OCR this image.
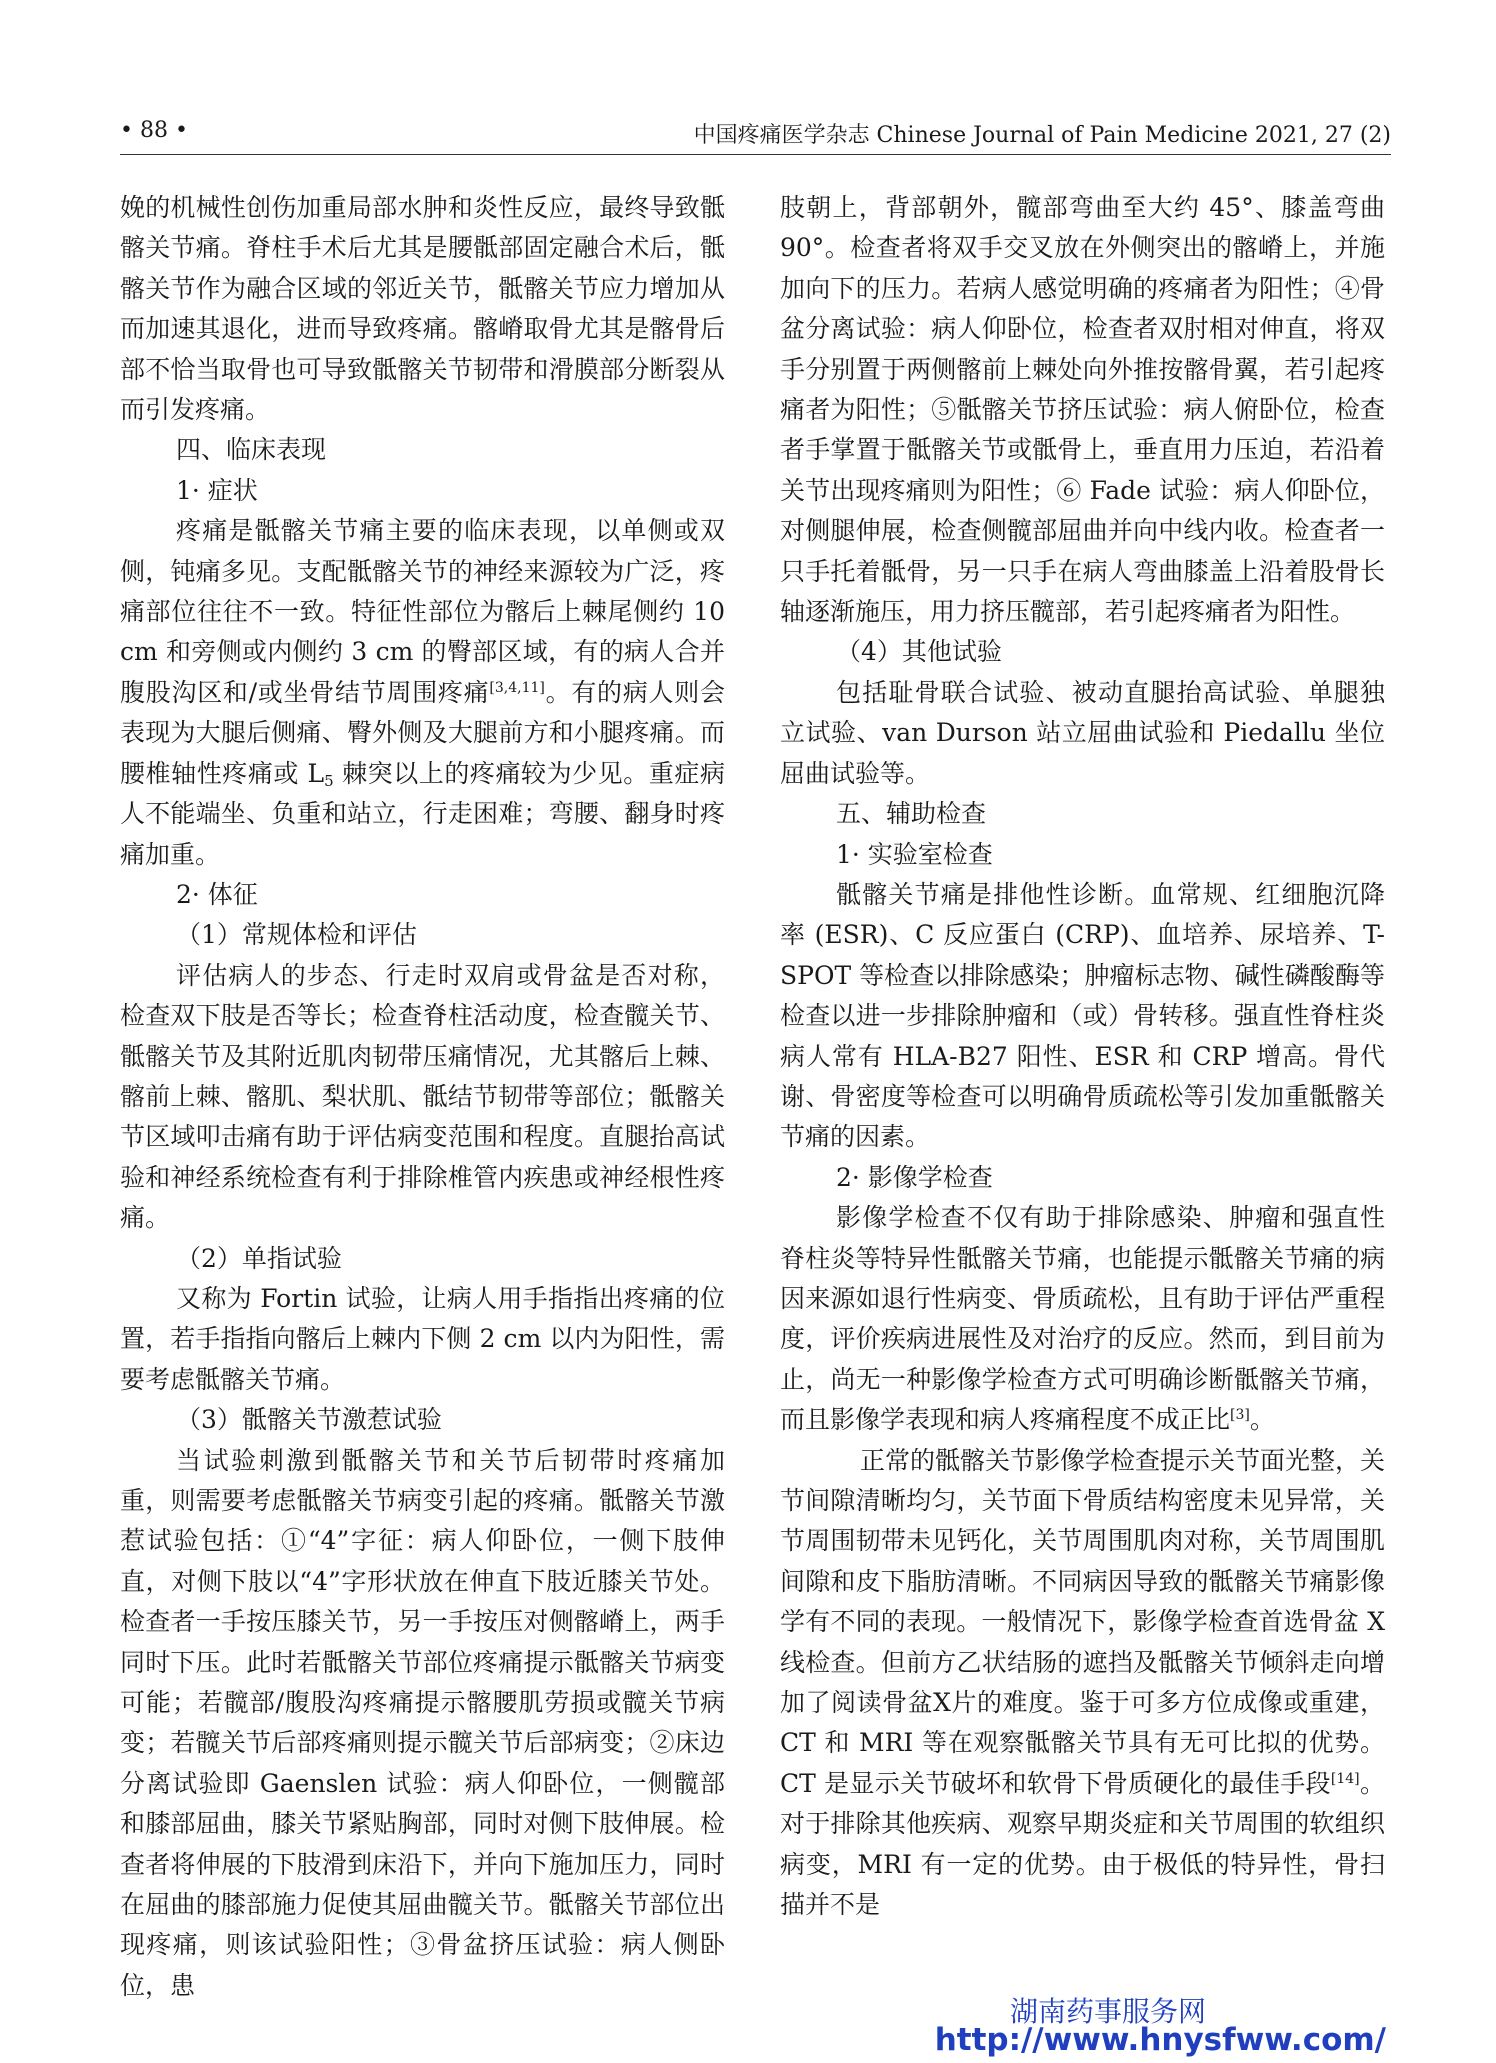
• 88 •	中国疼痛医学杂志 Chinese Journal of Pain Medicine 2021, 27 (2)

娩的机械性创伤加重局部水肿和炎性反应，最终导致骶髂关节痛。脊柱手术后尤其是腰骶部固定融合术后，骶髂关节作为融合区域的邻近关节，骶髂关节应力增加从而加速其退化，进而导致疼痛。髂嵴取骨尤其是髂骨后部不恰当取骨也可导致骶髂关节韧带和滑膜部分断裂从而引发疼痛。

四、临床表现

1· 症状

疼痛是骶髂关节痛主要的临床表现，以单侧或双侧，钝痛多见。支配骶髂关节的神经来源较为广泛，疼痛部位往往不一致。特征性部位为髂后上棘尾侧约 10 cm 和旁侧或内侧约 3 cm 的臀部区域，有的病人合并腹股沟区和/或坐骨结节周围疼痛[3,4,11]。有的病人则会表现为大腿后侧痛、臀外侧及大腿前方和小腿疼痛。而腰椎轴性疼痛或 $L_5$ 棘突以上的疼痛较为少见。重症病人不能端坐、负重和站立，行走困难；弯腰、翻身时疼痛加重。

2· 体征

（1）常规体检和评估

评估病人的步态、行走时双肩或骨盆是否对称，检查双下肢是否等长；检查脊柱活动度，检查髋关节、骶髂关节及其附近肌肉韧带压痛情况，尤其髂后上棘、髂前上棘、髂肌、梨状肌、骶结节韧带等部位；骶髂关节区域叩击痛有助于评估病变范围和程度。直腿抬高试验和神经系统检查有利于排除椎管内疾患或神经根性疼痛。

（2）单指试验

又称为 Fortin 试验，让病人用手指指出疼痛的位置，若手指指向髂后上棘内下侧 2 cm 以内为阳性，需要考虑骶髂关节痛。

（3）骶髂关节激惹试验

当试验刺激到骶髂关节和关节后韧带时疼痛加重，则需要考虑骶髂关节病变引起的疼痛。骶髂关节激惹试验包括：①“4”字征：病人仰卧位，一侧下肢伸直，对侧下肢以“4”字形状放在伸直下肢近膝关节处。检查者一手按压膝关节，另一手按压对侧髂嵴上，两手同时下压。此时若骶髂关节部位疼痛提示骶髂关节病变可能；若髋部/腹股沟疼痛提示髂腰肌劳损或髋关节病变；若髋关节后部疼痛则提示髋关节后部病变；②床边分离试验即 Gaenslen 试验：病人仰卧位，一侧髋部和膝部屈曲，膝关节紧贴胸部，同时对侧下肢伸展。检查者将伸展的下肢滑到床沿下，并向下施加压力，同时在屈曲的膝部施力促使其屈曲髋关节。骶髂关节部位出现疼痛，则该试验阳性；③骨盆挤压试验：病人侧卧位，患

肢朝上，背部朝外，髋部弯曲至大约 45°、膝盖弯曲 90°。检查者将双手交叉放在外侧突出的髂嵴上，并施加向下的压力。若病人感觉明确的疼痛者为阳性；④骨盆分离试验：病人仰卧位，检查者双肘相对伸直，将双手分别置于两侧髂前上棘处向外推按髂骨翼，若引起疼痛者为阳性；⑤骶髂关节挤压试验：病人俯卧位，检查者手掌置于骶髂关节或骶骨上，垂直用力压迫，若沿着关节出现疼痛则为阳性；⑥ Fade 试验：病人仰卧位，对侧腿伸展，检查侧髋部屈曲并向中线内收。检查者一只手托着骶骨，另一只手在病人弯曲膝盖上沿着股骨长轴逐渐施压，用力挤压髋部，若引起疼痛者为阳性。

（4）其他试验

包括耻骨联合试验、被动直腿抬高试验、单腿独立试验、van Durson 站立屈曲试验和 Piedallu 坐位屈曲试验等。

五、辅助检查

1· 实验室检查

骶髂关节痛是排他性诊断。血常规、红细胞沉降率 (ESR)、C 反应蛋白 (CRP)、血培养、尿培养、T-SPOT 等检查以排除感染；肿瘤标志物、碱性磷酸酶等检查以进一步排除肿瘤和（或）骨转移。强直性脊柱炎病人常有 HLA-B27 阳性、ESR 和 CRP 增高。骨代谢、骨密度等检查可以明确骨质疏松等引发加重骶髂关节痛的因素。

2· 影像学检查

影像学检查不仅有助于排除感染、肿瘤和强直性脊柱炎等特异性骶髂关节痛，也能提示骶髂关节痛的病因来源如退行性病变、骨质疏松，且有助于评估严重程度，评价疾病进展性及对治疗的反应。然而，到目前为止，尚无一种影像学检查方式可明确诊断骶髂关节痛，而且影像学表现和病人疼痛程度不成正比[3]。

正常的骶髂关节影像学检查提示关节面光整，关节间隙清晰均匀，关节面下骨质结构密度未见异常，关节周围韧带未见钙化，关节周围肌肉对称，关节周围肌间隙和皮下脂肪清晰。不同病因导致的骶髂关节痛影像学有不同的表现。一般情况下，影像学检查首选骨盆 X 线检查。但前方乙状结肠的遮挡及骶髂关节倾斜走向增加了阅读骨盆X片的难度。鉴于可多方位成像或重建，CT 和 MRI 等在观察骶髂关节具有无可比拟的优势。CT 是显示关节破坏和软骨下骨质硬化的最佳手段[14]。对于排除其他疾病、观察早期炎症和关节周围的软组织病变，MRI 有一定的优势。由于极低的特异性，骨扫描并不是

湖南药事服务网
http://www.hnysfww.com/
